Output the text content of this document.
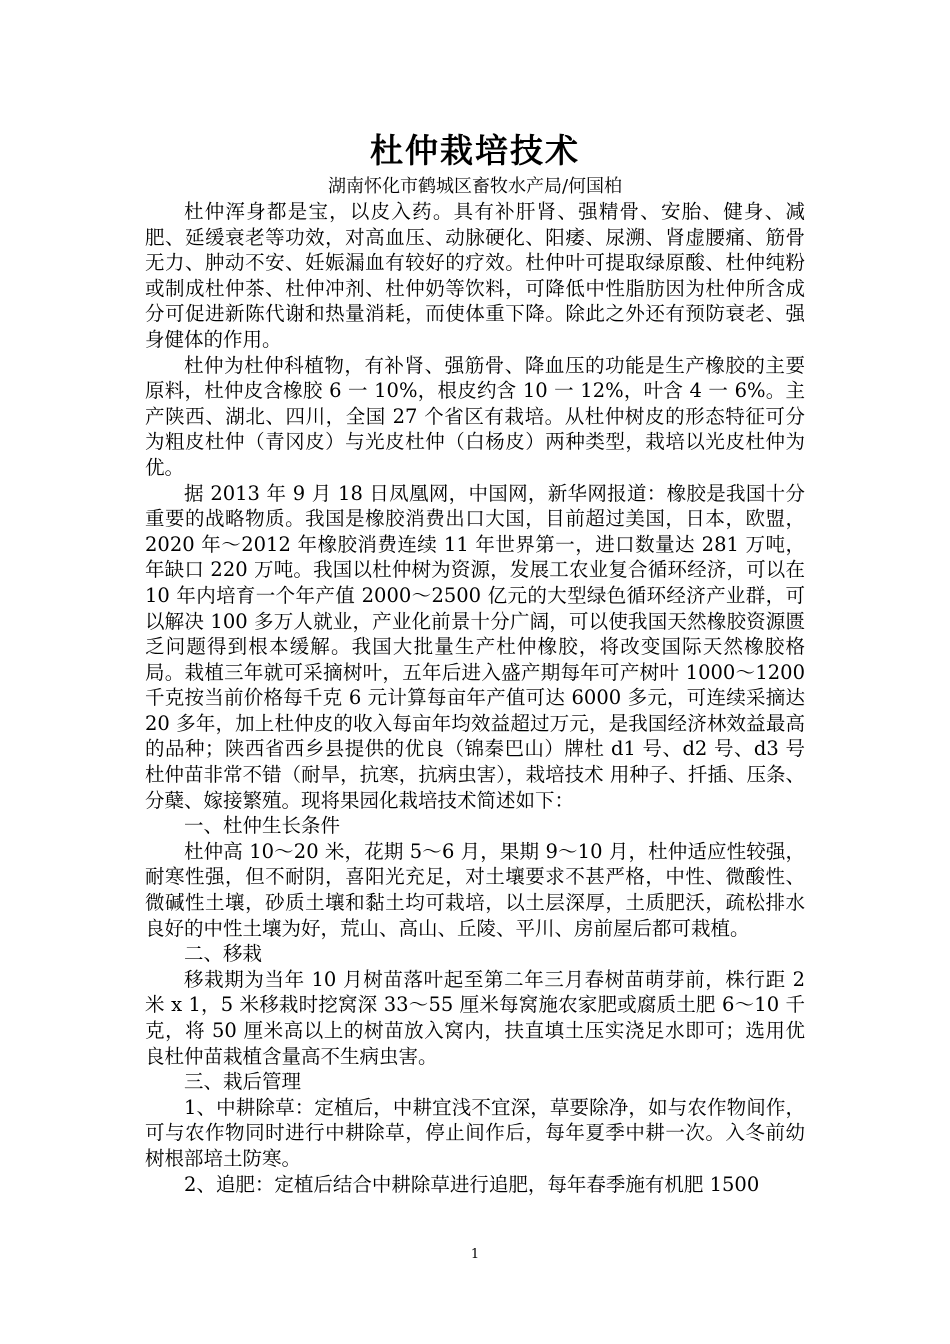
杜仲栽培技术
湖南怀化市鹤城区畜牧水产局/何国柏

杜仲浑身都是宝，以皮入药。具有补肝肾、强精骨、安胎、健身、减肥、延缓衰老等功效，对高血压、动脉硬化、阳痿、尿溯、肾虚腰痛、筋骨无力、肿动不安、妊娠漏血有较好的疗效。杜仲叶可提取绿原酸、杜仲纯粉或制成杜仲茶、杜仲冲剂、杜仲奶等饮料，可降低中性脂肪因为杜仲所含成分可促进新陈代谢和热量消耗，而使体重下降。除此之外还有预防衰老、强身健体的作用。

杜仲为杜仲科植物，有补肾、强筋骨、降血压的功能是生产橡胶的主要原料，杜仲皮含橡胶 6 一 10%，根皮约含 10 一 12%，叶含 4 一 6%。主产陕西、湖北、四川，全国 27 个省区有栽培。从杜仲树皮的形态特征可分为粗皮杜仲（青冈皮）与光皮杜仲（白杨皮）两种类型，栽培以光皮杜仲为优。

据 2013 年 9 月 18 日凤凰网，中国网，新华网报道：橡胶是我国十分重要的战略物质。我国是橡胶消费出口大国，目前超过美国，日本，欧盟，2020 年～2012 年橡胶消费连续 11 年世界第一，进口数量达 281 万吨，年缺口 220 万吨。我国以杜仲树为资源，发展工农业复合循环经济，可以在 10 年内培育一个年产值 2000～2500 亿元的大型绿色循环经济产业群，可以解决 100 多万人就业，产业化前景十分广阔，可以使我国天然橡胶资源匮乏问题得到根本缓解。我国大批量生产杜仲橡胶，将改变国际天然橡胶格局。栽植三年就可采摘树叶，五年后进入盛产期每年可产树叶 1000～1200 千克按当前价格每千克 6 元计算每亩年产值可达 6000 多元，可连续采摘达 20 多年，加上杜仲皮的收入每亩年均效益超过万元，是我国经济林效益最高的品种；陕西省西乡县提供的优良（锦秦巴山）牌杜 d1 号、d2 号、d3 号杜仲苗非常不错（耐旱，抗寒，抗病虫害），栽培技术 用种子、扦插、压条、分蘖、嫁接繁殖。现将果园化栽培技术简述如下：

一、杜仲生长条件

杜仲高 10～20 米，花期 5～6 月，果期 9～10 月，杜仲适应性较强，耐寒性强，但不耐阴，喜阳光充足，对土壤要求不甚严格，中性、微酸性、微碱性土壤，砂质土壤和黏土均可栽培，以土层深厚，土质肥沃，疏松排水良好的中性土壤为好，荒山、高山、丘陵、平川、房前屋后都可栽植。

二、移栽

移栽期为当年 10 月树苗落叶起至第二年三月春树苗萌芽前，株行距 2 米 x 1，5 米移栽时挖窝深 33～55 厘米每窝施农家肥或腐质土肥 6～10 千克，将 50 厘米高以上的树苗放入窝内，扶直填土压实浇足水即可；选用优良杜仲苗栽植含量高不生病虫害。

三、栽后管理

1、中耕除草：定植后，中耕宜浅不宜深，草要除净，如与农作物间作，可与农作物同时进行中耕除草，停止间作后，每年夏季中耕一次。入冬前幼树根部培土防寒。

2、追肥：定植后结合中耕除草进行追肥，每年春季施有机肥 1500

1
